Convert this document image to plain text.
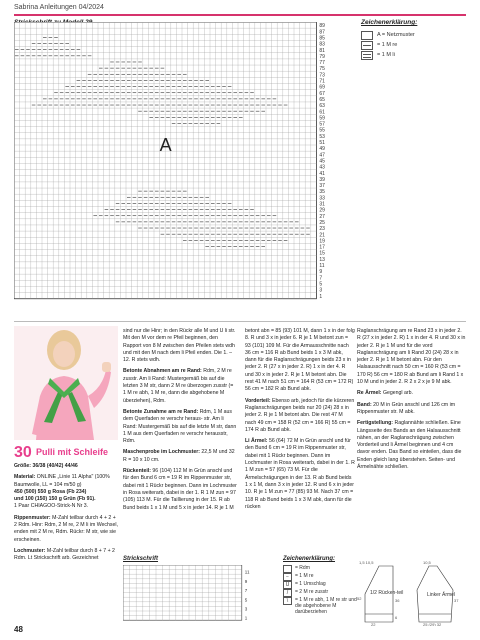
Sabrina Anleitungen 04/2024
Zeichenerklärung:
A
89
87
85
83
81
79
77
75
73
71
69
67
65
63
61
59
57
55
53
51
49
47
45
43
41
39
37
35
33
31
29
27
25
23
21
19
17
15
13
11
9
7
5
3
1
A = Netzmuster
= 1 M re
= 1 M li
30 Pulli mit Schleife

Größe: 36/38 (40/42) 44/46

Material: ONLINE „Linie 11 Alpha" (100% Baumwolle, LL = 104 m/50 g)
450 (500) 550 g Rosa (Fb 234)
und 100 (150) 150 g Grün (Fb 91).
1 Paar CHIAGOO-Strick-N Nr 3.

Rippenmuster: M-Zahl teilbar durch 4 + 2 + 2 Rdm. Hinr: Rdm, 2 M re, 2 M li im Wechsel, enden mit 2 M re, Rdm. Rückr: M str, wie sie erscheinen.

Lochmuster: M-Zahl teilbar durch 8 + 7 + 2 Rdm. Lt Strickschrift arb. Gezeichnet

sind nur die Hinr; in den Rückr alle M und U li str. Mit den M vor dem re Pfeil beginnen, den Rapport von 8 M zwischen den Pfeilen stets wdh und mit den M nach dem li Pfeil enden. Die 1. – 12. R stets wdh.

Betonte Abnahmen am re Rand: Rdm, 2 M re zusstr. Am li Rand: Mustergemäß bis auf die letzten 3 M str, dann 2 M re überzogen zusstr (= 1 M re abh, 1 M re, dann die abgehobene M überziehen), Rdm.

Betonte Zunahme am re Rand: Rdm, 1 M aus dem Querfaden re verschr heraus- str. Am li Rand: Mustergemäß bis auf die letzte M str, dann 1 M aus dem Querfaden re verschr herausstr, Rdm.

Maschenprobe im Lochmuster: 22,5 M und 32 R = 10 x 10 cm.

Rückenteil: 96 (104) 112 M in Grün anschl und für den Bund 6 cm = 19 R im Rippenmuster str, dabei mit 1 Rückr beginnen. Dann im Lochmuster in Rosa weiterarb, dabei in der 1. R 1 M zun = 97 (105) 113 M. Für die Taillierung in der 15. R ab Bund beids 1 x 1 M und 5 x in jeder 14. R je 1 M

betont abn = 85 (93) 101 M, dann 1 x in der folg 8. R und 3 x in jeder 6. R je 1 M betont zun = 93 (101) 109 M. Für die Armausschnitte nach 36 cm = 116 R ab Bund beids 1 x 3 M abk, dann für die Raglanschrägungen beids 23 x in jeder 2. R (27 x in jeder 2. R) 1 x in der 4. R und 30 x in jeder 2. R je 1 M betont abn. Die rest 41 M nach 51 cm = 164 R (53 cm = 172 R) 56 cm = 182 R ab Bund abk.

Vorderteil: Ebenso arb, jedoch für die kürzeren Raglanschrägungen beids nur 20 (24) 28 x in jeder 2. R je 1 M betont abn. Die rest 47 M nach 49 cm = 158 R (52 cm = 166 R) 55 cm = 174 R ab Bund abk.

Li Ärmel: 56 (64) 72 M in Grün anschl und für den Bund 6 cm = 19 R im Rippenmuster str, dabei mit 1 Rückr beginnen. Dann im Lochmuster in Rosa weiterarb, dabei in der 1. R 1 M zun = 57 (65) 73 M. Für die Ärmelschrägungen in der 13. R ab Bund beids 1 x 1 M, dann 3 x in jeder 12. R und 6 x in jeder 10. R je 1 M zun = 77 (85) 93 M. Nach 37 cm = 118 R ab Bund beids 1 x 3 M abk, dann für die rücken

Raglanschrägung am re Rand 23 x in jeder 2. R (27 x in jeder 2. R) 1 x in der 4. R und 30 x in jeder 2. R je 1 M und für die vord Raglanschrägung am li Rand 20 (24) 28 x in jeder 2. R je 1 M betont abn. Für den Halsausschnitt nach 50 cm = 160 R (53 cm = 170 R) 56 cm = 180 R ab Bund am li Rand 1 x 10 M und in jeder 2. R 2 x 2 x je 9 M abk.

Re Ärmel: Gegengl arb.

Band: 20 M in Grün anschl und 126 cm im Rippenmuster str. M abk.

Fertigstellung: Raglannähte schließen. Eine Längsseite des Bands an den Halsausschnitt nähen, an der Raglanschrägung zwischen Vorderteil und li Ärmel beginnen und 4 cm davor enden. Das Band so einteilen, dass die Enden gleich lang überstehen. Seiten- und Ärmelnähte schließen.

Strickschrift	Zeichenerklärung:
11
9
7
5
3
1
= Rdm
−	= 1 M re
U	= 1 Umschlag
/	= 2 M re zusstr
\	= 1 M re abh, 1 M re str und die abgehobene M darüberziehen
1/2 Rücken-teil	Linker Ärmel
1,5 10,5
52	36
6
22
10,5
37
25 (29) 32
48
